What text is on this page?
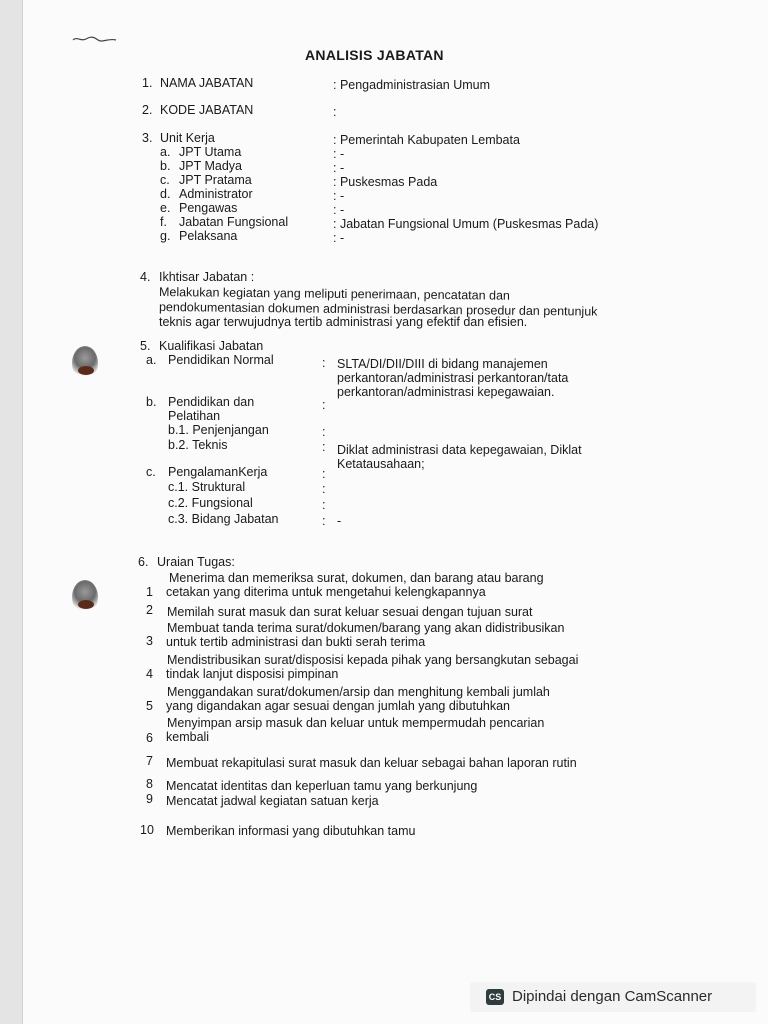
ANALISIS JABATAN
1. NAMA JABATAN	: Pengadministrasian Umum
2. KODE JABATAN	:
3. Unit Kerja	: Pemerintah Kabupaten Lembata
a. JPT Utama	: -
b. JPT Madya	: -
c. JPT Pratama	: Puskesmas Pada
d. Administrator	: -
e. Pengawas	: -
f. Jabatan Fungsional	: Jabatan Fungsional Umum (Puskesmas Pada)
g. Pelaksana	: -
4. Ikhtisar Jabatan :
Melakukan kegiatan yang meliputi penerimaan, pencatatan dan
pendokumentasian dokumen administrasi berdasarkan prosedur dan pentunjuk
teknis agar terwujudnya tertib administrasi yang efektif dan efisien.
5. Kualifikasi Jabatan
a. Pendidikan Normal	: SLTA/DI/DII/DIII di bidang manajemen
perkantoran/administrasi perkantoran/tata
perkantoran/administrasi kepegawaian.
b. Pendidikan dan	:
Pelatihan
b.1. Penjenjangan	:
b.2. Teknis	: Diklat administrasi data kepegawaian, Diklat
Ketatausahaan;
c. PengalamanKerja	:
c.1. Struktural	:
c.2. Fungsional	:
c.3. Bidang Jabatan	: -
6. Uraian Tugas:
Menerima dan memeriksa surat, dokumen, dan barang atau barang
1 cetakan yang diterima untuk mengetahui kelengkapannya
2 Memilah surat masuk dan surat keluar sesuai dengan tujuan surat
Membuat tanda terima surat/dokumen/barang yang akan didistribusikan
3 untuk tertib administrasi dan bukti serah terima
Mendistribusikan surat/disposisi kepada pihak yang bersangkutan sebagai
4 tindak lanjut disposisi pimpinan
Menggandakan surat/dokumen/arsip dan menghitung kembali jumlah
5 yang digandakan agar sesuai dengan jumlah yang dibutuhkan
Menyimpan arsip masuk dan keluar untuk mempermudah pencarian
6 kembali
7 Membuat rekapitulasi surat masuk dan keluar sebagai bahan laporan rutin
8 Mencatat identitas dan keperluan tamu yang berkunjung
9 Mencatat jadwal kegiatan satuan kerja
10 Memberikan informasi yang dibutuhkan tamu
CS Dipindai dengan CamScanner
